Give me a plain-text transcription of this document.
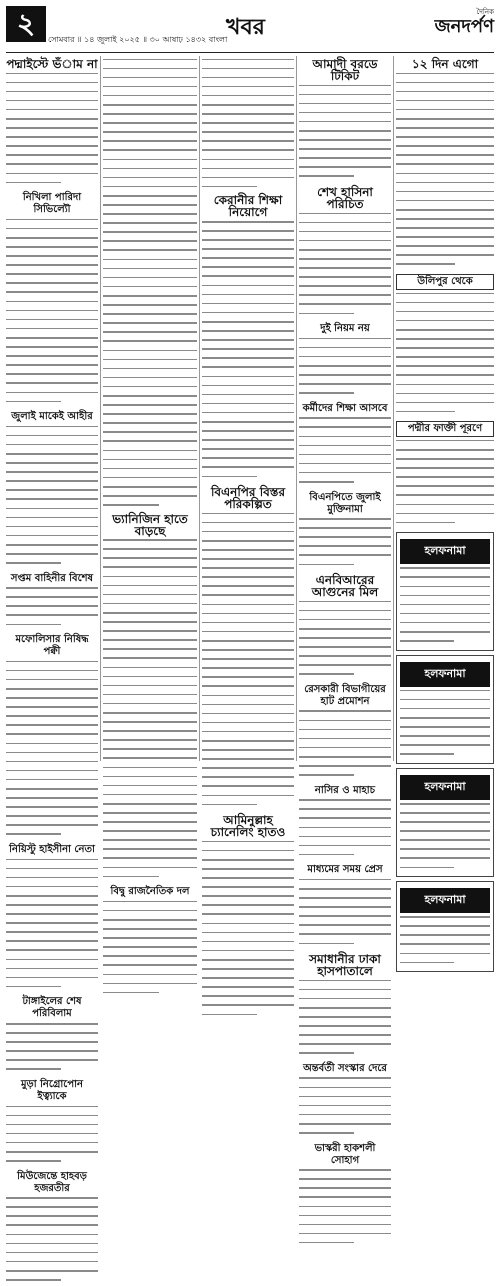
২	সোমবার ॥ ১৪ জুলাই ২০২৫ ॥ ৩০ আষাঢ় ১৪৩২ বাংলা
খবর
দৈনিক
জনদর্পণ
পদ্মাইস্টে ভঁাম না
নিখিলা পারিদা সিভিল্যৌ
জুলাই মাকেই আহীর
সপ্তম বাহিনীর বিশেষ
মফোলিসার নিষিদ্ধ পক্বী
নিয়িস্টু হাইসীনা নেতা
টাঙ্গাইলের শেষ পরিবিলাম
মুড়া নিগ্রোপোন ইত্ব্যাকে
মিউজেন্তে হাহবড় হজরতীর
ভ্যানিজিন হাতে বাড়ছে
বিদ্বু রাজনৈতিক দল
কেরানীর শিক্ষা নিয়োগে
বিএনপির বিস্তর পরিকল্পিত
আমিনুল্লাহ চ্যানেলিং হাতও
আমাদী বরডে টিকিট
শেখ হাসিনা পরিচিত
দুই নিয়ম নয়
কর্মীদের শিক্ষা আসবে
বিএনপিতে জুলাই মুক্তিনামা
এনবিআরের আগুনের মিল
রেসকারী বিভাগীয়ের হাট প্রমোশন
নাসির ও মাহাচ
মাধ্যমের সময় প্রেস
সমাধানীর ঢাকা হাসপাতালে
অন্তর্বর্তী সংস্কার দেরে
ভাস্করী হাকশলী সোহাগ
১২ দিন এগো
উলিপুর থেকে
পদ্মীর ফাক্তী পূরণে
হলফনামা
হলফনামা
হলফনামা
হলফনামা
